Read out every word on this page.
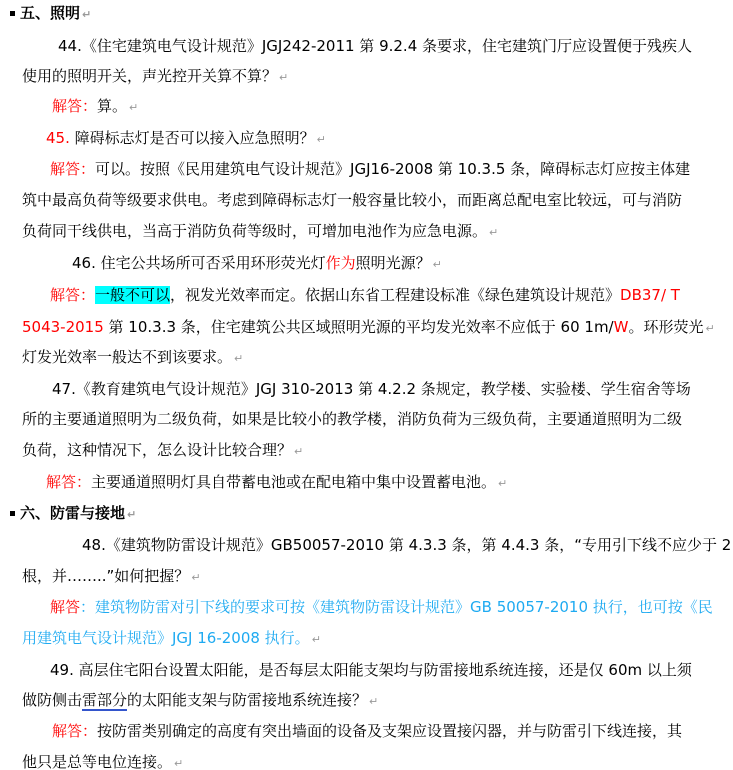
五、照明 ↵
44.《住宅建筑电气设计规范》JGJ242-2011 第 9.2.4 条要求，住宅建筑门厅应设置便于残疾人
使用的照明开关，声光控开关算不算？ ↵
解答：算。 ↵
45. 障碍标志灯是否可以接入应急照明？ ↵
解答：可以。按照《民用建筑电气设计规范》JGJ16-2008 第 10.3.5 条，障碍标志灯应按主体建
筑中最高负荷等级要求供电。考虑到障碍标志灯一般容量比较小，而距离总配电室比较远，可与消防
负荷同干线供电，当高于消防负荷等级时，可增加电池作为应急电源。 ↵
46. 住宅公共场所可否采用环形荧光灯作为照明光源？ ↵
解答：一般不可以，视发光效率而定。依据山东省工程建设标准《绿色建筑设计规范》DB37/ T
5043-2015 第 10.3.3 条，住宅建筑公共区域照明光源的平均发光效率不应低于 60 1m/W。环形荧光 ↵
灯发光效率一般达不到该要求。 ↵
47.《教育建筑电气设计规范》JGJ 310-2013 第 4.2.2 条规定，教学楼、实验楼、学生宿舍等场
所的主要通道照明为二级负荷，如果是比较小的教学楼，消防负荷为三级负荷，主要通道照明为二级
负荷，这种情况下，怎么设计比较合理？ ↵
解答：主要通道照明灯具自带蓄电池或在配电箱中集中设置蓄电池。 ↵
六、防雷与接地 ↵
48.《建筑物防雷设计规范》GB50057-2010 第 4.3.3 条，第 4.4.3 条，“专用引下线不应少于 2
根，并……..”如何把握？ ↵
解答：建筑物防雷对引下线的要求可按《建筑物防雷设计规范》GB 50057-2010 执行，也可按《民
用建筑电气设计规范》JGJ 16-2008 执行。 ↵
49. 高层住宅阳台设置太阳能，是否每层太阳能支架均与防雷接地系统连接，还是仅 60m 以上须
做防侧击雷部分的太阳能支架与防雷接地系统连接？ ↵
解答：按防雷类别确定的高度有突出墙面的设备及支架应设置接闪器，并与防雷引下线连接，其
他只是总等电位连接。 ↵
